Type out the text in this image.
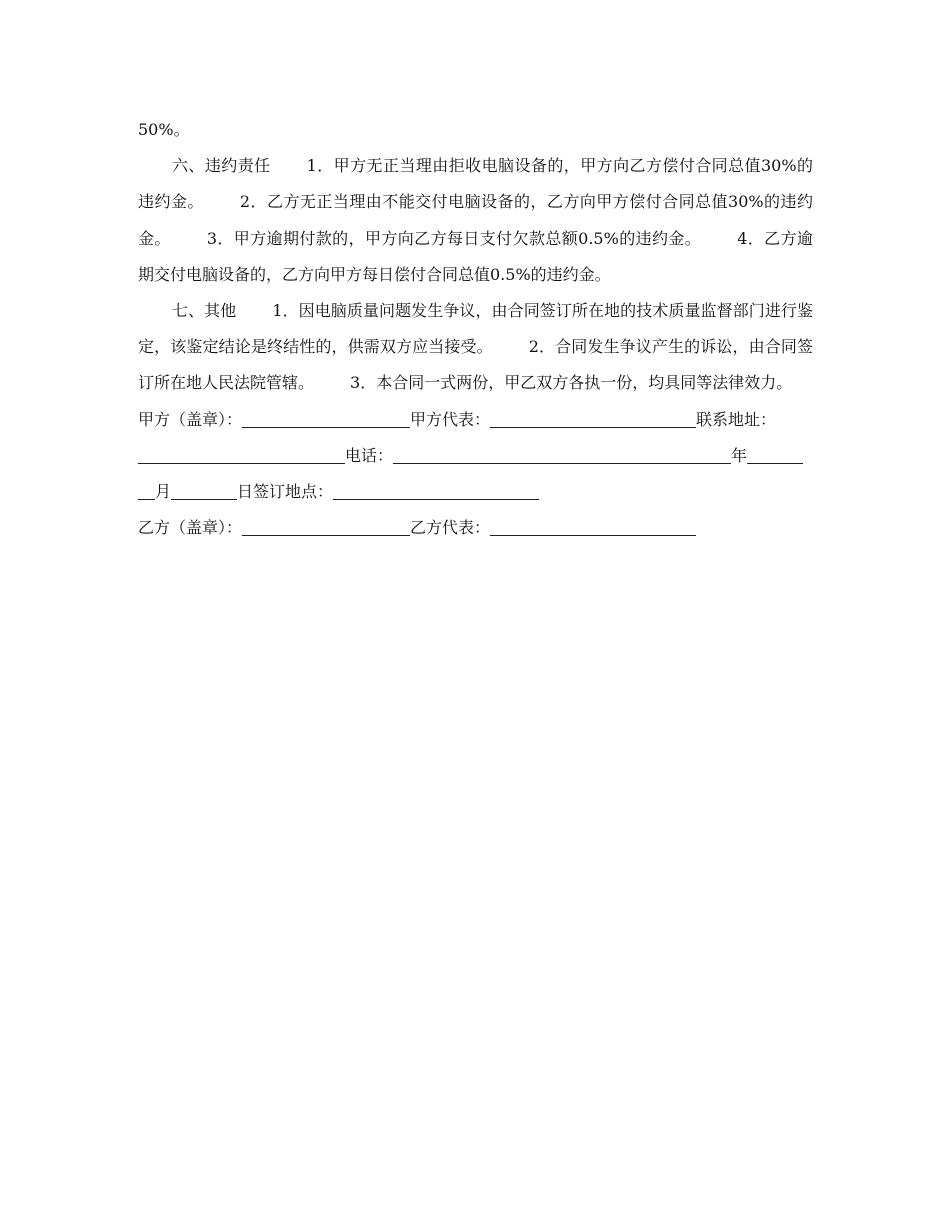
50%。

六、违约责任 1．甲方无正当理由拒收电脑设备的，甲方向乙方偿付合同总值30%的违约金。 2．乙方无正当理由不能交付电脑设备的，乙方向甲方偿付合同总值30%的违约金。 3．甲方逾期付款的，甲方向乙方每日支付欠款总额0.5%的违约金。 4．乙方逾期交付电脑设备的，乙方向甲方每日偿付合同总值0.5%的违约金。

七、其他 1．因电脑质量问题发生争议，由合同签订所在地的技术质量监督部门进行鉴定，该鉴定结论是终结性的，供需双方应当接受。 2．合同发生争议产生的诉讼，由合同签订所在地人民法院管辖。 3．本合同一式两份，甲乙双方各执一份，均具同等法律效力。

甲方（盖章）：	甲方代表：	联系地址：

电话：	年

月	日签订地点：

乙方（盖章）：	乙方代表：
